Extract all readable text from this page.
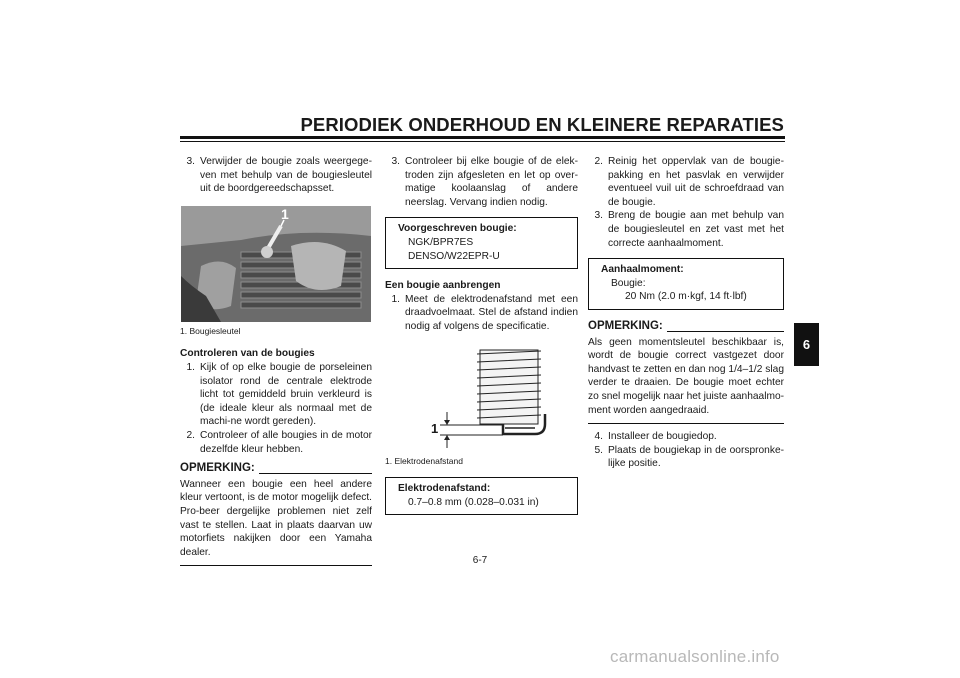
PERIODIEK ONDERHOUD EN KLEINERE REPARATIES
3. Verwijder de bougie zoals weergege-ven met behulp van de bougiesleutel uit de boordgereedschapsset.
1
1. Bougiesleutel
Controleren van de bougies
1. Kijk of op elke bougie de porseleinen isolator rond de centrale elektrode licht tot gemiddeld bruin verkleurd is (de ideale kleur als normaal met de machi-ne wordt gereden).
2. Controleer of alle bougies in de motor dezelfde kleur hebben.
OPMERKING:
Wanneer een bougie een heel andere kleur vertoont, is de motor mogelijk defect. Pro-beer dergelijke problemen niet zelf vast te stellen. Laat in plaats daarvan uw motorfiets nakijken door een Yamaha dealer.
3. Controleer bij elke bougie of de elek-troden zijn afgesleten en let op over-matige koolaanslag of andere neerslag. Vervang indien nodig.
Voorgeschreven bougie:
NGK/BPR7ES
DENSO/W22EPR-U
Een bougie aanbrengen
1. Meet de elektrodenafstand met een draadvoelmaat. Stel de afstand indien nodig af volgens de specificatie.
1
1. Elektrodenafstand
Elektrodenafstand:
0.7–0.8 mm (0.028–0.031 in)
2. Reinig het oppervlak van de bougie-pakking en het pasvlak en verwijder eventueel vuil uit de schroefdraad van de bougie.
3. Breng de bougie aan met behulp van de bougiesleutel en zet vast met het correcte aanhaalmoment.
Aanhaalmoment:
Bougie:
20 Nm (2.0 m·kgf, 14 ft·lbf)
OPMERKING:
Als geen momentsleutel beschikbaar is, wordt de bougie correct vastgezet door handvast te zetten en dan nog 1/4–1/2 slag verder te draaien. De bougie moet echter zo snel mogelijk naar het juiste aanhaalmo-ment worden aangedraaid.
4. Installeer de bougiedop.
5. Plaats de bougiekap in de oorspronke-lijke positie.
6
6-7
carmanualsonline.info
